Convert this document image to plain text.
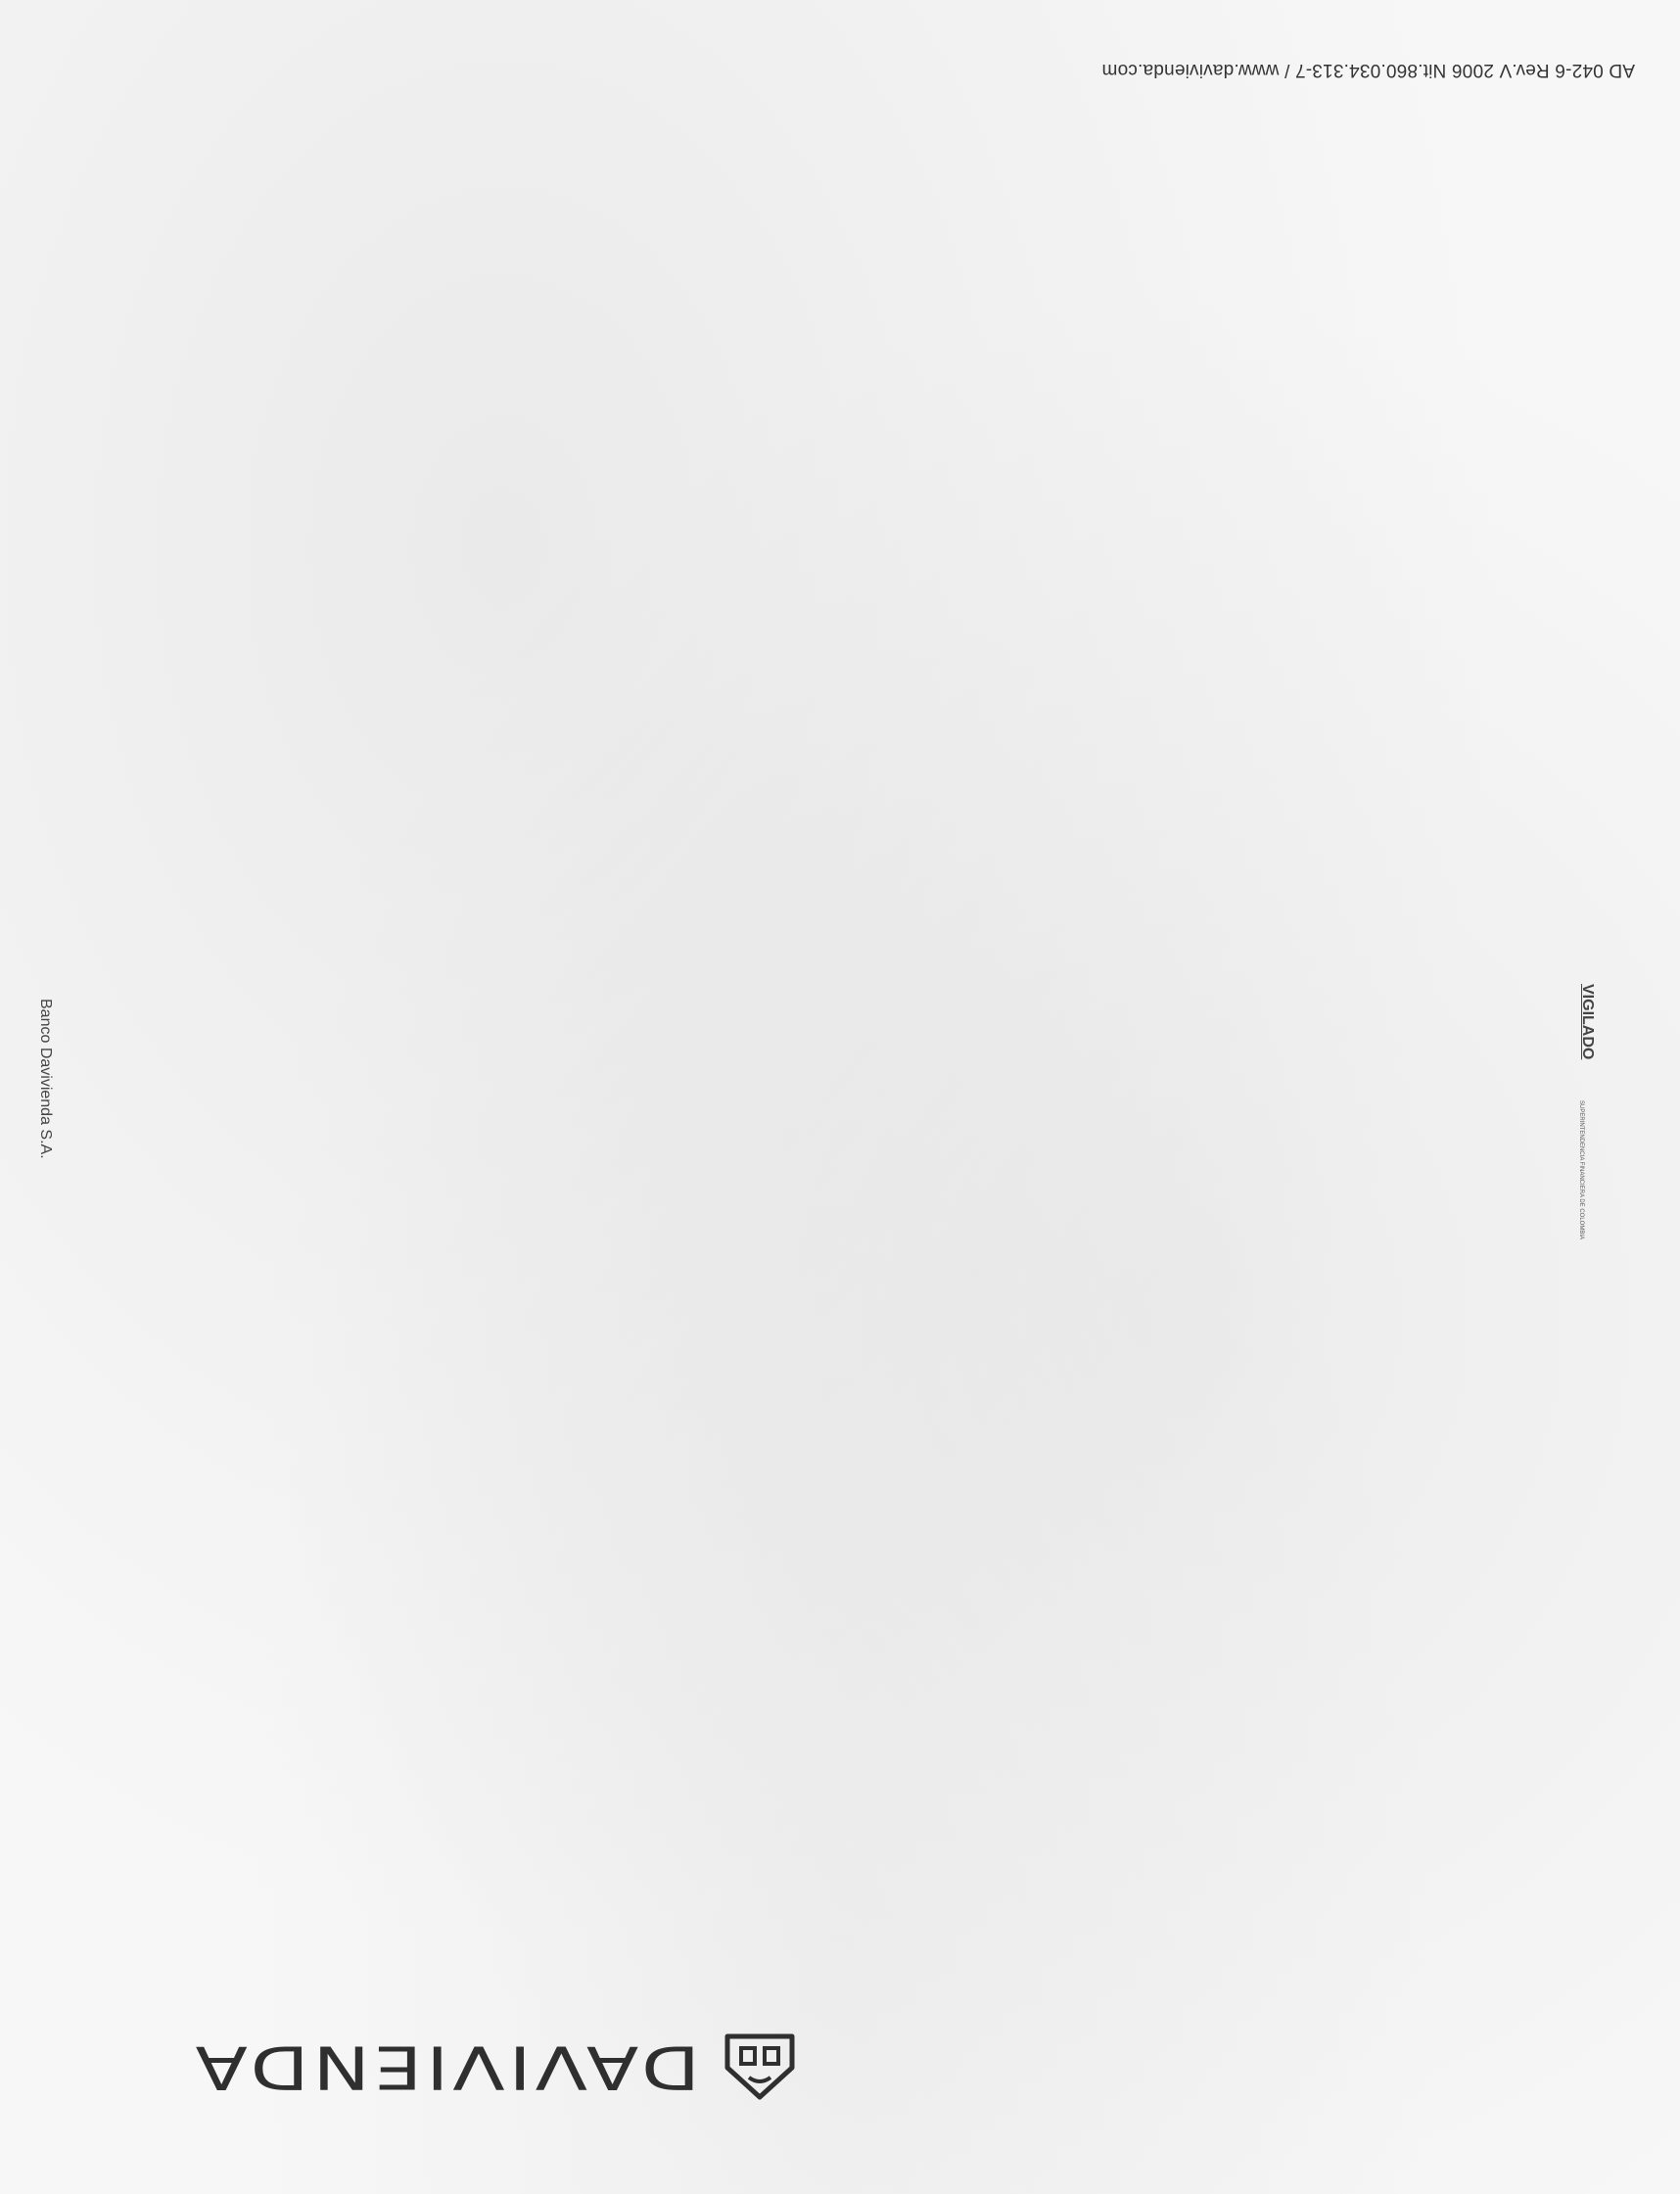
AD 042-6 Rev.V 2006 Nit.860.034.313-7 / www.davivienda.com
Banco Davivienda S.A.	VIGILADO
SUPERINTENDENCIA FINANCIERA DE COLOMBIA
DAVIVIENDA
